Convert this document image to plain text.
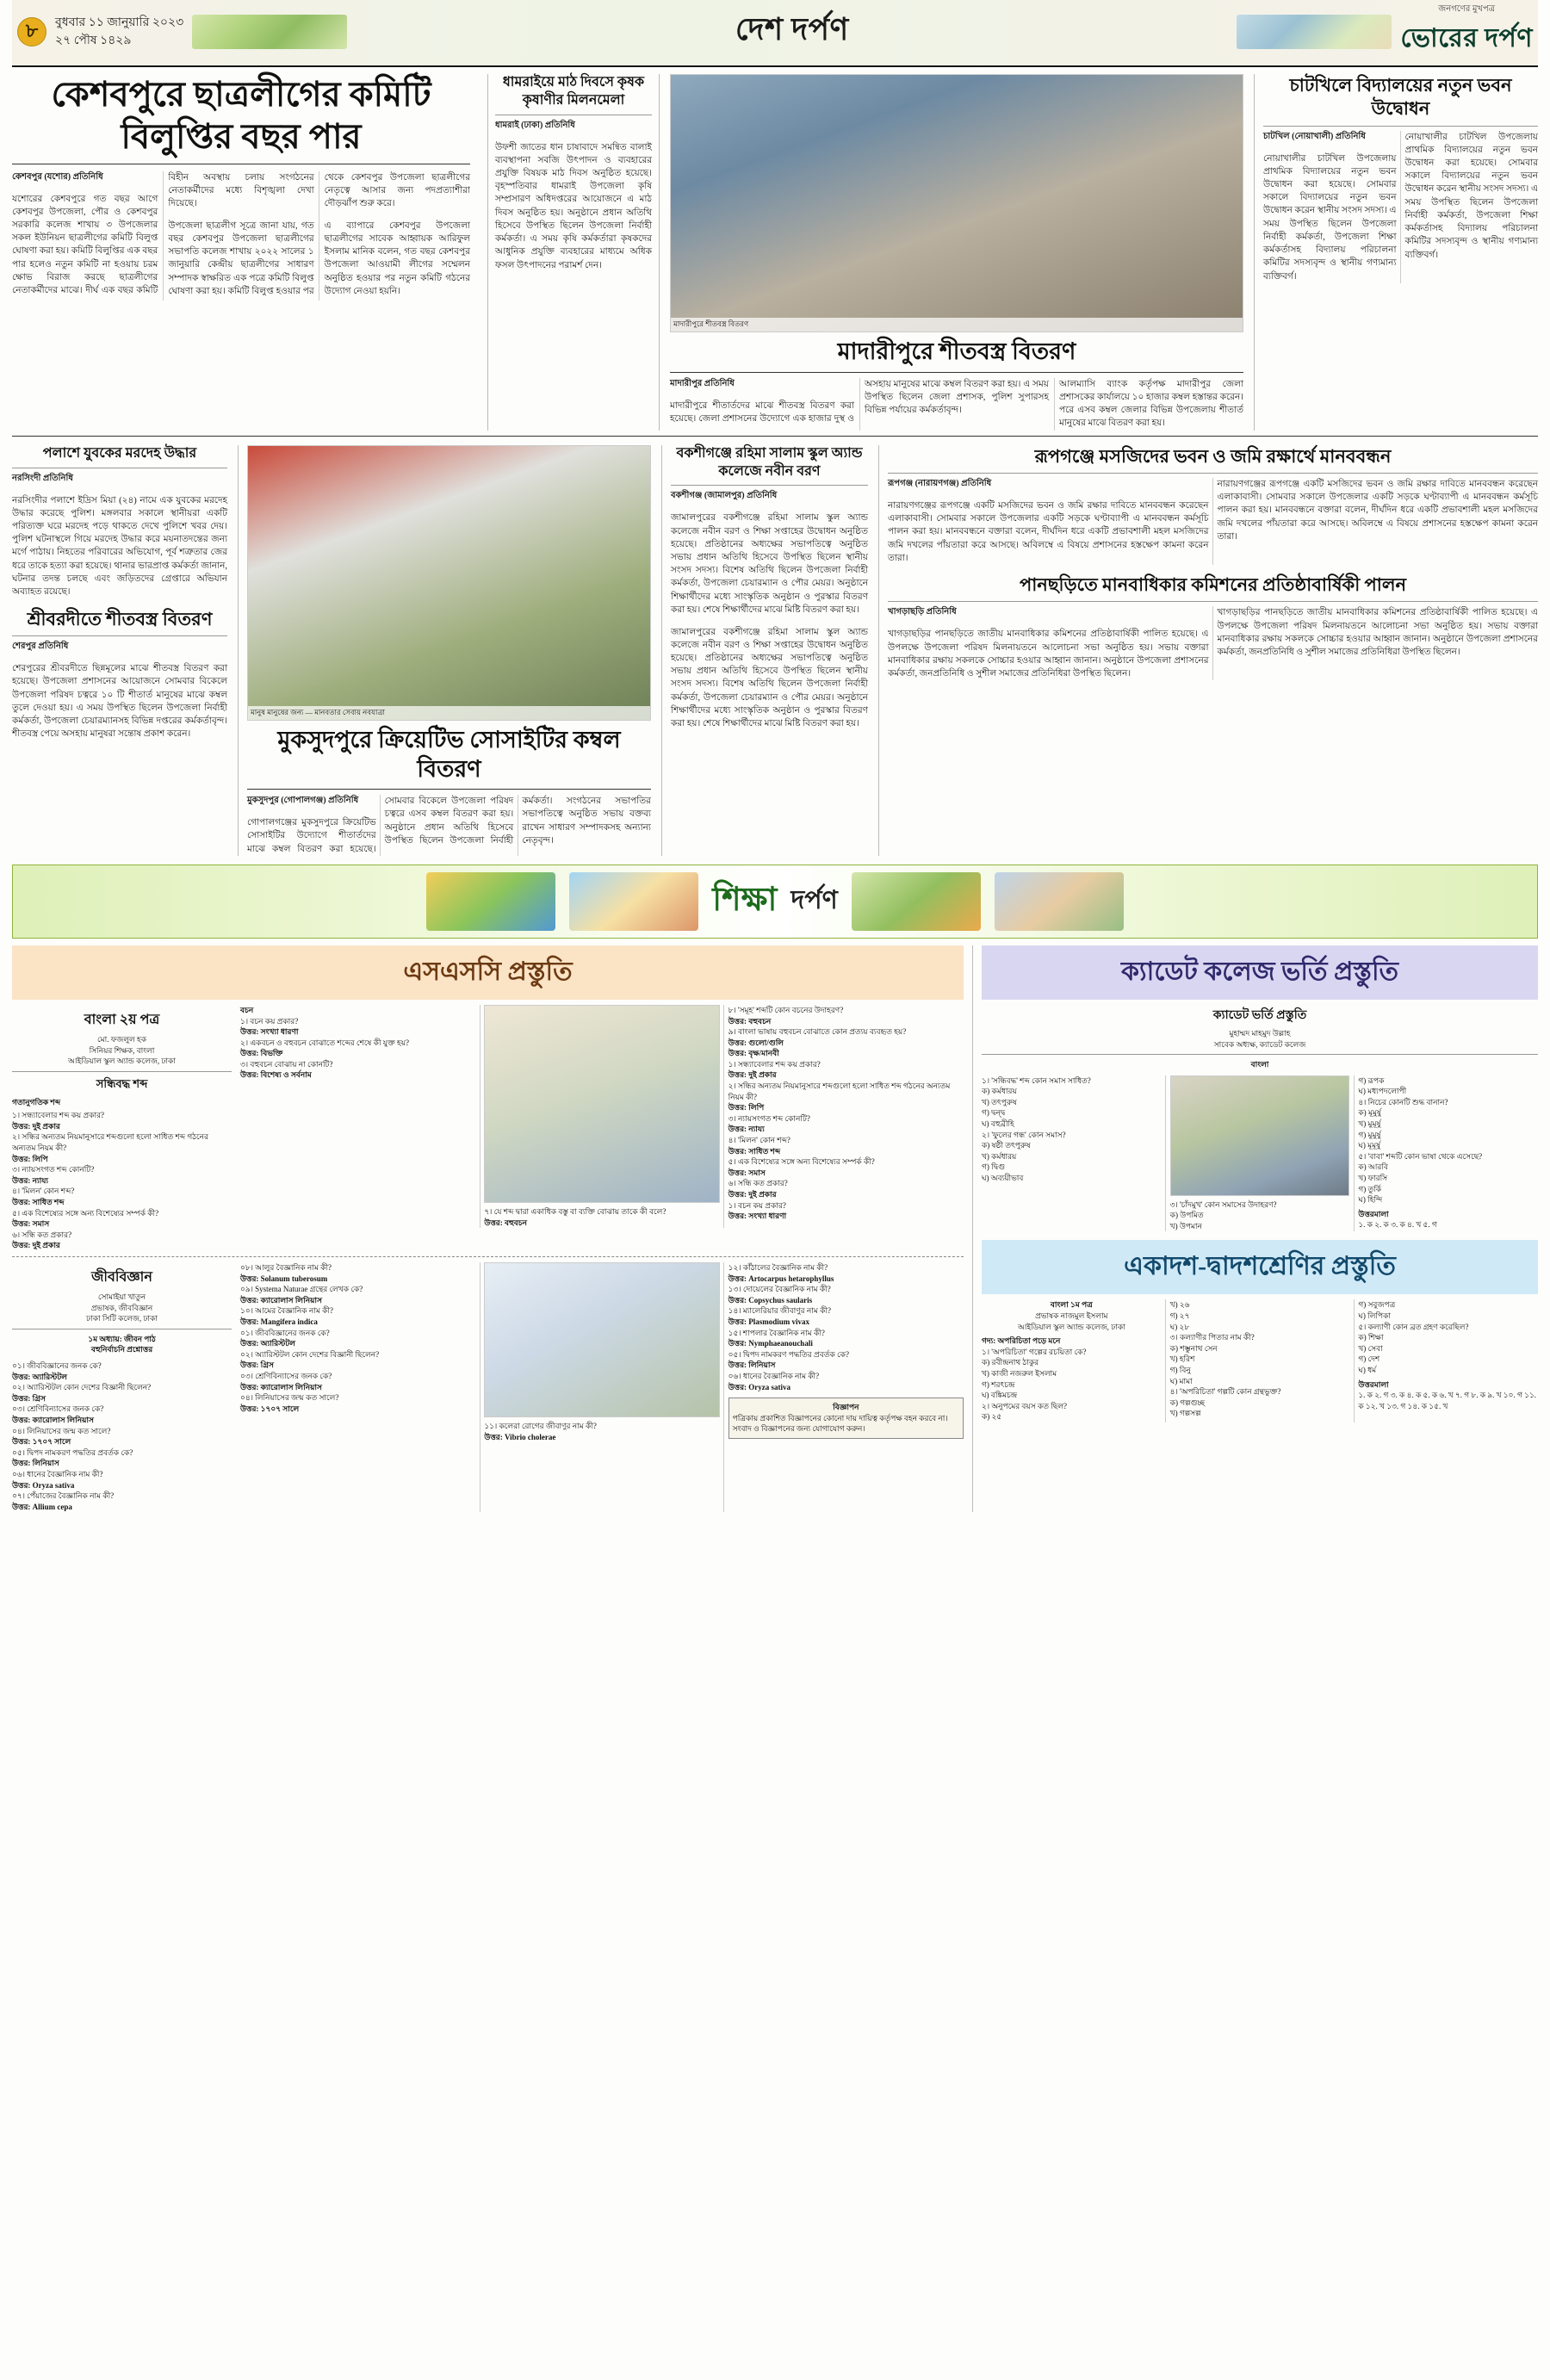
৮	বুধবার ১১ জানুয়ারি ২০২৩
২৭ পৌষ ১৪২৯	দেশ দর্পণ
জনগণের মুখপত্র
ভোরের দর্পণ
কেশবপুরে ছাত্রলীগের কমিটি বিলুপ্তির বছর পার
কেশবপুর (যশোর) প্রতিনিধি

যশোরের কেশবপুরে গত বছর আগে কেশবপুর উপজেলা, পৌর ও কেশবপুর সরকারি কলেজ শাখায় ৩ উপজেলার সকল ইউনিয়ন ছাত্রলীগের কমিটি বিলুপ্ত ঘোষণা করা হয়। কমিটি বিলুপ্তির এক বছর পার হলেও নতুন কমিটি না হওয়ায় চরম ক্ষোভ বিরাজ করছে ছাত্রলীগের নেতাকর্মীদের মাঝে। দীর্ঘ এক বছর কমিটি বিহীন অবস্থায় চলায় সংগঠনের নেতাকর্মীদের মধ্যে বিশৃঙ্খলা দেখা দিয়েছে।

উপজেলা ছাত্রলীগ সূত্রে জানা যায়, গত বছর কেশবপুর উপজেলা ছাত্রলীগের সভাপতি কলেজ শাখায় ২০২২ সালের ১ জানুয়ারি কেন্দ্রীয় ছাত্রলীগের সাধারণ সম্পাদক স্বাক্ষরিত এক পত্রে কমিটি বিলুপ্ত ঘোষণা করা হয়। কমিটি বিলুপ্ত হওয়ার পর থেকে কেশবপুর উপজেলা ছাত্রলীগের নেতৃত্বে আসার জন্য পদপ্রত্যাশীরা দৌড়ঝাঁপ শুরু করে।

এ ব্যাপারে কেশবপুর উপজেলা ছাত্রলীগের সাবেক আহ্বায়ক আরিফুল ইসলাম মানিক বলেন, গত বছর কেশবপুর উপজেলা আওয়ামী লীগের সম্মেলন অনুষ্ঠিত হওয়ার পর নতুন কমিটি গঠনের উদ্যোগ নেওয়া হয়নি।

ধামরাইয়ে মাঠ দিবসে কৃষক কৃষাণীর মিলনমেলা
ধামরাই (ঢাকা) প্রতিনিধি

উফশী জাতের ধান চাষাবাদে সমন্বিত বালাই ব্যবস্থাপনা সবজি উৎপাদন ও ব্যবহারের প্রযুক্তি বিষয়ক মাঠ দিবস অনুষ্ঠিত হয়েছে। বৃহস্পতিবার ধামরাই উপজেলা কৃষি সম্প্রসারণ অধিদপ্তরের আয়োজনে এ মাঠ দিবস অনুষ্ঠিত হয়। অনুষ্ঠানে প্রধান অতিথি হিসেবে উপস্থিত ছিলেন উপজেলা নির্বাহী কর্মকর্তা। এ সময় কৃষি কর্মকর্তারা কৃষকদের আধুনিক প্রযুক্তি ব্যবহারের মাধ্যমে অধিক ফসল উৎপাদনের পরামর্শ দেন।

মাদারীপুরে শীতবস্ত্র বিতরণ
মাদারীপুরে শীতবস্ত্র বিতরণ
মাদারীপুর প্রতিনিধি

মাদারীপুরে শীতার্তদের মাঝে শীতবস্ত্র বিতরণ করা হয়েছে। জেলা প্রশাসনের উদ্যোগে এক হাজার দুস্থ ও অসহায় মানুষের মাঝে কম্বল বিতরণ করা হয়। এ সময় উপস্থিত ছিলেন জেলা প্রশাসক, পুলিশ সুপারসহ বিভিন্ন পর্যায়ের কর্মকর্তাবৃন্দ।

আলম্যাসি ব্যাংক কর্তৃপক্ষ মাদারীপুর জেলা প্রশাসকের কার্যালয়ে ১০ হাজার কম্বল হস্তান্তর করেন। পরে এসব কম্বল জেলার বিভিন্ন উপজেলায় শীতার্ত মানুষের মাঝে বিতরণ করা হয়।

চাটখিলে বিদ্যালয়ের নতুন ভবন উদ্বোধন
চাটখিল (নোয়াখালী) প্রতিনিধি

নোয়াখালীর চাটখিল উপজেলায় প্রাথমিক বিদ্যালয়ের নতুন ভবন উদ্বোধন করা হয়েছে। সোমবার সকালে বিদ্যালয়ের নতুন ভবন উদ্বোধন করেন স্থানীয় সংসদ সদস্য। এ সময় উপস্থিত ছিলেন উপজেলা নির্বাহী কর্মকর্তা, উপজেলা শিক্ষা কর্মকর্তাসহ বিদ্যালয় পরিচালনা কমিটির সদস্যবৃন্দ ও স্থানীয় গণ্যমান্য ব্যক্তিবর্গ।

নোয়াখালীর চাটখিল উপজেলায় প্রাথমিক বিদ্যালয়ের নতুন ভবন উদ্বোধন করা হয়েছে। সোমবার সকালে বিদ্যালয়ের নতুন ভবন উদ্বোধন করেন স্থানীয় সংসদ সদস্য। এ সময় উপস্থিত ছিলেন উপজেলা নির্বাহী কর্মকর্তা, উপজেলা শিক্ষা কর্মকর্তাসহ বিদ্যালয় পরিচালনা কমিটির সদস্যবৃন্দ ও স্থানীয় গণ্যমান্য ব্যক্তিবর্গ।

পলাশে যুবকের মরদেহ উদ্ধার
নরসিংদী প্রতিনিধি

নরসিংদীর পলাশে ইদ্রিস মিয়া (২৪) নামে এক যুবকের মরদেহ উদ্ধার করেছে পুলিশ। মঙ্গলবার সকালে স্থানীয়রা একটি পরিত্যক্ত ঘরে মরদেহ পড়ে থাকতে দেখে পুলিশে খবর দেয়। পুলিশ ঘটনাস্থলে গিয়ে মরদেহ উদ্ধার করে ময়নাতদন্তের জন্য মর্গে পাঠায়। নিহতের পরিবারের অভিযোগ, পূর্ব শত্রুতার জের ধরে তাকে হত্যা করা হয়েছে। থানার ভারপ্রাপ্ত কর্মকর্তা জানান, ঘটনার তদন্ত চলছে এবং জড়িতদের গ্রেপ্তারে অভিযান অব্যাহত রয়েছে।

শ্রীবরদীতে শীতবস্ত্র বিতরণ
শেরপুর প্রতিনিধি

শেরপুরের শ্রীবরদীতে ছিন্নমূলের মাঝে শীতবস্ত্র বিতরণ করা হয়েছে। উপজেলা প্রশাসনের আয়োজনে সোমবার বিকেলে উপজেলা পরিষদ চত্বরে ১০ টি শীতার্ত মানুষের মাঝে কম্বল তুলে দেওয়া হয়। এ সময় উপস্থিত ছিলেন উপজেলা নির্বাহী কর্মকর্তা, উপজেলা চেয়ারম্যানসহ বিভিন্ন দপ্তরের কর্মকর্তাবৃন্দ। শীতবস্ত্র পেয়ে অসহায় মানুষরা সন্তোষ প্রকাশ করেন।

মানুষ মানুষের জন্য — মানবতার সেবায় নবযাত্রা
মুকসুদপুরে ক্রিয়েটিভ সোসাইটির কম্বল বিতরণ
মুকসুদপুর (গোপালগঞ্জ) প্রতিনিধি

গোপালগঞ্জের মুকসুদপুরে ক্রিয়েটিভ সোসাইটির উদ্যোগে শীতার্তদের মাঝে কম্বল বিতরণ করা হয়েছে। সোমবার বিকেলে উপজেলা পরিষদ চত্বরে এসব কম্বল বিতরণ করা হয়। অনুষ্ঠানে প্রধান অতিথি হিসেবে উপস্থিত ছিলেন উপজেলা নির্বাহী কর্মকর্তা। সংগঠনের সভাপতির সভাপতিত্বে অনুষ্ঠিত সভায় বক্তব্য রাখেন সাধারণ সম্পাদকসহ অন্যান্য নেতৃবৃন্দ।

বকশীগঞ্জে রহিমা সালাম স্কুল অ্যান্ড কলেজে নবীন বরণ
বকশীগঞ্জ (জামালপুর) প্রতিনিধি

জামালপুরের বকশীগঞ্জে রহিমা সালাম স্কুল অ্যান্ড কলেজে নবীন বরণ ও শিক্ষা সপ্তাহের উদ্বোধন অনুষ্ঠিত হয়েছে। প্রতিষ্ঠানের অধ্যক্ষের সভাপতিত্বে অনুষ্ঠিত সভায় প্রধান অতিথি হিসেবে উপস্থিত ছিলেন স্থানীয় সংসদ সদস্য। বিশেষ অতিথি ছিলেন উপজেলা নির্বাহী কর্মকর্তা, উপজেলা চেয়ারম্যান ও পৌর মেয়র। অনুষ্ঠানে শিক্ষার্থীদের মধ্যে সাংস্কৃতিক অনুষ্ঠান ও পুরস্কার বিতরণ করা হয়। শেষে শিক্ষার্থীদের মাঝে মিষ্টি বিতরণ করা হয়।

জামালপুরের বকশীগঞ্জে রহিমা সালাম স্কুল অ্যান্ড কলেজে নবীন বরণ ও শিক্ষা সপ্তাহের উদ্বোধন অনুষ্ঠিত হয়েছে। প্রতিষ্ঠানের অধ্যক্ষের সভাপতিত্বে অনুষ্ঠিত সভায় প্রধান অতিথি হিসেবে উপস্থিত ছিলেন স্থানীয় সংসদ সদস্য। বিশেষ অতিথি ছিলেন উপজেলা নির্বাহী কর্মকর্তা, উপজেলা চেয়ারম্যান ও পৌর মেয়র। অনুষ্ঠানে শিক্ষার্থীদের মধ্যে সাংস্কৃতিক অনুষ্ঠান ও পুরস্কার বিতরণ করা হয়। শেষে শিক্ষার্থীদের মাঝে মিষ্টি বিতরণ করা হয়।

রূপগঞ্জে মসজিদের ভবন ও জমি রক্ষার্থে মানববন্ধন
রূপগঞ্জ (নারায়ণগঞ্জ) প্রতিনিধি

নারায়ণগঞ্জের রূপগঞ্জে একটি মসজিদের ভবন ও জমি রক্ষার দাবিতে মানববন্ধন করেছেন এলাকাবাসী। সোমবার সকালে উপজেলার একটি সড়কে ঘণ্টাব্যাপী এ মানববন্ধন কর্মসূচি পালন করা হয়। মানববন্ধনে বক্তারা বলেন, দীর্ঘদিন ধরে একটি প্রভাবশালী মহল মসজিদের জমি দখলের পাঁয়তারা করে আসছে। অবিলম্বে এ বিষয়ে প্রশাসনের হস্তক্ষেপ কামনা করেন তারা।

নারায়ণগঞ্জের রূপগঞ্জে একটি মসজিদের ভবন ও জমি রক্ষার দাবিতে মানববন্ধন করেছেন এলাকাবাসী। সোমবার সকালে উপজেলার একটি সড়কে ঘণ্টাব্যাপী এ মানববন্ধন কর্মসূচি পালন করা হয়। মানববন্ধনে বক্তারা বলেন, দীর্ঘদিন ধরে একটি প্রভাবশালী মহল মসজিদের জমি দখলের পাঁয়তারা করে আসছে। অবিলম্বে এ বিষয়ে প্রশাসনের হস্তক্ষেপ কামনা করেন তারা।

পানছড়িতে মানবাধিকার কমিশনের প্রতিষ্ঠাবার্ষিকী পালন
খাগড়াছড়ি প্রতিনিধি

খাগড়াছড়ির পানছড়িতে জাতীয় মানবাধিকার কমিশনের প্রতিষ্ঠাবার্ষিকী পালিত হয়েছে। এ উপলক্ষে উপজেলা পরিষদ মিলনায়তনে আলোচনা সভা অনুষ্ঠিত হয়। সভায় বক্তারা মানবাধিকার রক্ষায় সকলকে সোচ্চার হওয়ার আহ্বান জানান। অনুষ্ঠানে উপজেলা প্রশাসনের কর্মকর্তা, জনপ্রতিনিধি ও সুশীল সমাজের প্রতিনিধিরা উপস্থিত ছিলেন।

খাগড়াছড়ির পানছড়িতে জাতীয় মানবাধিকার কমিশনের প্রতিষ্ঠাবার্ষিকী পালিত হয়েছে। এ উপলক্ষে উপজেলা পরিষদ মিলনায়তনে আলোচনা সভা অনুষ্ঠিত হয়। সভায় বক্তারা মানবাধিকার রক্ষায় সকলকে সোচ্চার হওয়ার আহ্বান জানান। অনুষ্ঠানে উপজেলা প্রশাসনের কর্মকর্তা, জনপ্রতিনিধি ও সুশীল সমাজের প্রতিনিধিরা উপস্থিত ছিলেন।

শিক্ষা দর্পণ
এসএসসি প্রস্তুতি
বাংলা ২য় পত্র
মো. ফজলুল হক
সিনিয়র শিক্ষক, বাংলা
আইডিয়াল স্কুল অ্যান্ড কলেজ, ঢাকা
সন্ধিবদ্ধ শব্দ
গতানুগতিক শব্দ
১। সন্ধ্যাবেলার শব্দ কয় প্রকার?
উত্তর: দুই প্রকার
২। সন্ধির অন্যতম নিয়মানুসারে শব্দগুলো হলো সাধিত শব্দ গঠনের অন্যতম নিয়ম কী?
উত্তর: লিপি
৩। ন্যায়সংগত শব্দ কোনটি?
উত্তর: ন্যায্য
৪। 'মিলন' কোন শব্দ?
উত্তর: সাধিত শব্দ
৫। এক বিশেষ্যের সঙ্গে অন্য বিশেষ্যের সম্পর্ক কী?
উত্তর: সমাস
৬। সন্ধি কত প্রকার?
উত্তর: দুই প্রকার
বচন
১। বচন কয় প্রকার?
উত্তর: সংখ্যা ধারণা
২। একবচন ও বহুবচন বোঝাতে শব্দের শেষে কী যুক্ত হয়?
উত্তর: বিভক্তি
৩। বহুবচন বোঝায় না কোনটি?
উত্তর: বিশেষ্য ও সর্বনাম
৭। যে শব্দ দ্বারা একাধিক বস্তু বা ব্যক্তি বোঝায় তাকে কী বলে?
উত্তর: বহুবচন
৮। 'সমূহ' শব্দটি কোন বচনের উদাহরণ?
উত্তর: বহুবচন
৯। বাংলা ভাষায় বহুবচন বোঝাতে কোন প্রত্যয় ব্যবহৃত হয়?
উত্তর: গুলো/গুলি
উত্তর: বৃক্ষ/মানবী
১। সন্ধ্যাবেলার শব্দ কয় প্রকার?
উত্তর: দুই প্রকার
২। সন্ধির অন্যতম নিয়মানুসারে শব্দগুলো হলো সাধিত শব্দ গঠনের অন্যতম নিয়ম কী?
উত্তর: লিপি
৩। ন্যায়সংগত শব্দ কোনটি?
উত্তর: ন্যায্য
৪। 'মিলন' কোন শব্দ?
উত্তর: সাধিত শব্দ
৫। এক বিশেষ্যের সঙ্গে অন্য বিশেষ্যের সম্পর্ক কী?
উত্তর: সমাস
৬। সন্ধি কত প্রকার?
উত্তর: দুই প্রকার
১। বচন কয় প্রকার?
উত্তর: সংখ্যা ধারণা
জীববিজ্ঞান
সোমাইয়া খাতুন
প্রভাষক, জীববিজ্ঞান
ঢাকা সিটি কলেজ, ঢাকা
১ম অধ্যায়: জীবন পাঠ
বহুনির্বাচনি প্রশ্নোত্তর
০১। জীববিজ্ঞানের জনক কে?
উত্তর: অ্যারিস্টটল
০২। অ্যারিস্টটল কোন দেশের বিজ্ঞানী ছিলেন?
উত্তর: গ্রিস
০৩। শ্রেণিবিন্যাসের জনক কে?
উত্তর: ক্যারোলাস লিনিয়াস
০৪। লিনিয়াসের জন্ম কত সালে?
উত্তর: ১৭০৭ সালে
০৫। দ্বিপদ নামকরণ পদ্ধতির প্রবর্তক কে?
উত্তর: লিনিয়াস
০৬। ধানের বৈজ্ঞানিক নাম কী?
উত্তর: Oryza sativa
০৭। পেঁয়াজের বৈজ্ঞানিক নাম কী?
উত্তর: Allium cepa
০৮। আলুর বৈজ্ঞানিক নাম কী?
উত্তর: Solanum tuberosum
০৯। Systema Naturae গ্রন্থের লেখক কে?
উত্তর: ক্যারোলাস লিনিয়াস
১০। আমের বৈজ্ঞানিক নাম কী?
উত্তর: Mangifera indica
০১। জীববিজ্ঞানের জনক কে?
উত্তর: অ্যারিস্টটল
০২। অ্যারিস্টটল কোন দেশের বিজ্ঞানী ছিলেন?
উত্তর: গ্রিস
০৩। শ্রেণিবিন্যাসের জনক কে?
উত্তর: ক্যারোলাস লিনিয়াস
০৪। লিনিয়াসের জন্ম কত সালে?
উত্তর: ১৭০৭ সালে
১১। কলেরা রোগের জীবাণুর নাম কী?
উত্তর: Vibrio cholerae
১২। কাঁঠালের বৈজ্ঞানিক নাম কী?
উত্তর: Artocarpus hetarophyllus
১৩। দোয়েলের বৈজ্ঞানিক নাম কী?
উত্তর: Copsychus saularis
১৪। ম্যালেরিয়ার জীবাণুর নাম কী?
উত্তর: Plasmodium vivax
১৫। শাপলার বৈজ্ঞানিক নাম কী?
উত্তর: Nymphaeanouchali
০৫। দ্বিপদ নামকরণ পদ্ধতির প্রবর্তক কে?
উত্তর: লিনিয়াস
০৬। ধানের বৈজ্ঞানিক নাম কী?
উত্তর: Oryza sativa
বিজ্ঞাপন
পত্রিকায় প্রকাশিত বিজ্ঞাপনের কোনো দায় দায়িত্ব কর্তৃপক্ষ বহন করবে না। সংবাদ ও বিজ্ঞাপনের জন্য যোগাযোগ করুন।
ক্যাডেট কলেজ ভর্তি প্রস্তুতি
ক্যাডেট ভর্তি প্রস্তুতি
মুহাম্মদ মাহমুদ উল্লাহ
সাবেক অধ্যক্ষ, ক্যাডেট কলেজ
বাংলা
১। 'সন্ধিবদ্ধ' শব্দ কোন সমাস সাধিত?
ক) কর্মধারয়
খ) তৎপুরুষ
গ) দ্বন্দ্ব
ঘ) বহুব্রীহি
২। 'ফুলের গন্ধ' কোন সমাস?
ক) ষষ্ঠী তৎপুরুষ
খ) কর্মধারয়
গ) দ্বিগু
ঘ) অব্যয়ীভাব
৩। 'চাঁদমুখ' কোন সমাসের উদাহরণ?
ক) উপমিত
খ) উপমান
গ) রূপক
ঘ) মধ্যপদলোপী
৪। নিচের কোনটি শুদ্ধ বানান?
ক) মূমুর্ষু
খ) মুমূর্ষু
গ) মুমুর্ষু
ঘ) মূমূর্ষু
৫। 'বাবা' শব্দটি কোন ভাষা থেকে এসেছে?
ক) আরবি
খ) ফারসি
গ) তুর্কি
ঘ) হিন্দি
উত্তরমালা
১. ক ২. ক ৩. ক ৪. খ ৫. গ
একাদশ-দ্বাদশশ্রেণির প্রস্তুতি
বাংলা ১ম পত্র
প্রভাষক নাজমুল ইসলাম
আইডিয়াল স্কুল অ্যান্ড কলেজ, ঢাকা
গদ্য: অপরিচিতা পড়ে মনে
১। 'অপরিচিতা' গল্পের রচয়িতা কে?
ক) রবীন্দ্রনাথ ঠাকুর
খ) কাজী নজরুল ইসলাম
গ) শরৎচন্দ্র
ঘ) বঙ্কিমচন্দ্র
২। অনুপমের বয়স কত ছিল?
ক) ২৫
খ) ২৬
গ) ২৭
ঘ) ২৮
৩। কল্যাণীর পিতার নাম কী?
ক) শম্ভুনাথ সেন
খ) হরিশ
গ) বিনু
ঘ) মামা
৪। 'অপরিচিতা' গল্পটি কোন গ্রন্থভুক্ত?
ক) গল্পগুচ্ছ
খ) গল্পসল্প
গ) সবুজপত্র
ঘ) লিপিকা
৫। কল্যাণী কোন ব্রত গ্রহণ করেছিল?
ক) শিক্ষা
খ) সেবা
গ) দেশ
ঘ) ধর্ম
উত্তরমালা
১. ক ২. গ ৩. ক ৪. ক ৫. ক ৬. খ ৭. গ ৮. ক ৯. খ ১০. গ ১১. ক ১২. খ ১৩. গ ১৪. ক ১৫. খ
